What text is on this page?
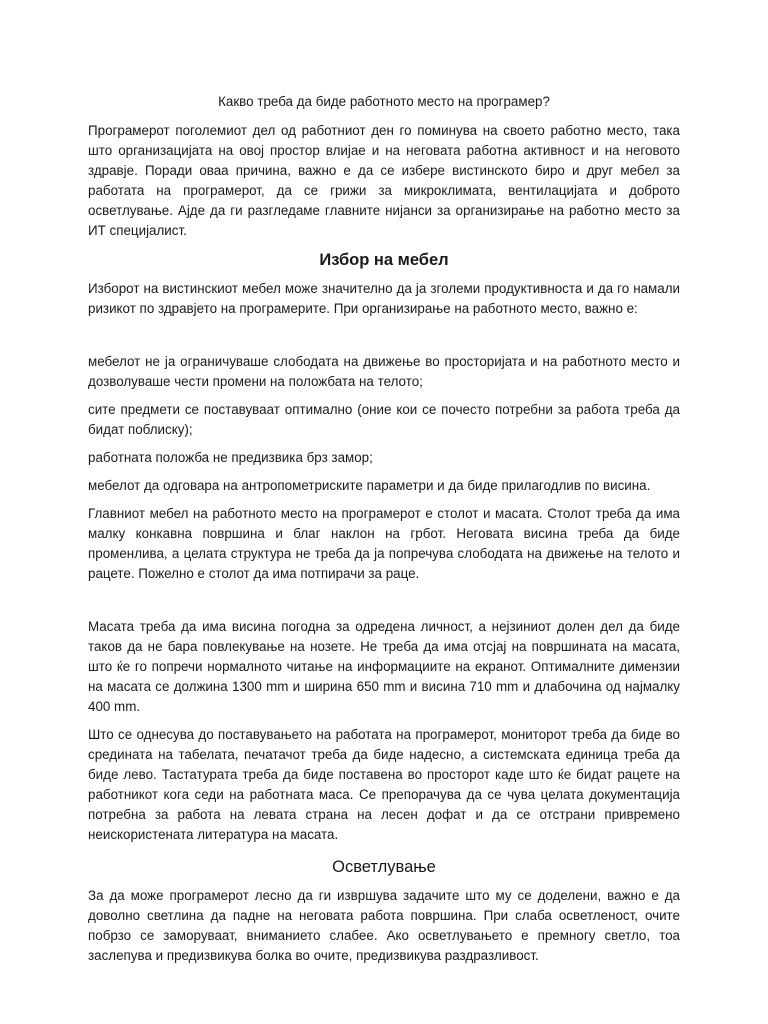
Какво треба да биде работното место на програмер?

Програмерот поголемиот дел од работниот ден го поминува на своето работно место, така што организацијата на овој простор влијае и на неговата работна активност и на неговото здравје. Поради оваа причина, важно е да се избере вистинското биро и друг мебел за работата на програмерот, да се грижи за микроклимата, вентилацијата и доброто осветлување. Ајде да ги разгледаме главните нијанси за организирање на работно место за ИТ специјалист.

Избор на мебел

Изборот на вистинскиот мебел може значително да ја зголеми продуктивноста и да го намали ризикот по здравјето на програмерите. При организирање на работното место, важно е:

мебелот не ја ограничуваше слободата на движење во просторијата и на работното место и дозволуваше чести промени на положбата на телото;

сите предмети се поставуваат оптимално (оние кои се почесто потребни за работа треба да бидат поблиску);

работната положба не предизвика брз замор;

мебелот да одговара на антропометриските параметри и да биде прилагодлив по висина.

Главниот мебел на работното место на програмерот е столот и масата. Столот треба да има малку конкавна површина и благ наклон на грбот. Неговата висина треба да биде променлива, а целата структура не треба да ја попречува слободата на движење на телото и рацете. Пожелно е столот да има потпирачи за раце.

Масата треба да има висина погодна за одредена личност, а нејзиниот долен дел да биде таков да не бара повлекување на нозете. Не треба да има отсјај на површината на масата, што ќе го попречи нормалното читање на информациите на екранот. Оптималните димензии на масата се должина 1300 mm и ширина 650 mm и висина 710 mm и длабочина од најмалку 400 mm.

Што се однесува до поставувањето на работата на програмерот, мониторот треба да биде во средината на табелата, печатачот треба да биде надесно, а системската единица треба да биде лево. Тастатурата треба да биде поставена во просторот каде што ќе бидат рацете на работникот кога седи на работната маса. Се препорачува да се чува целата документација потребна за работа на левата страна на лесен дофат и да се отстрани привремено неискористената литература на масата.

Осветлување

За да може програмерот лесно да ги извршува задачите што му се доделени, важно е да доволно светлина да падне на неговата работа површина. При слаба осветленост, очите побрзо се заморуваат, вниманието слабее. Ако осветлувањето е премногу светло, тоа заслепува и предизвикува болка во очите, предизвикува раздразливост.
